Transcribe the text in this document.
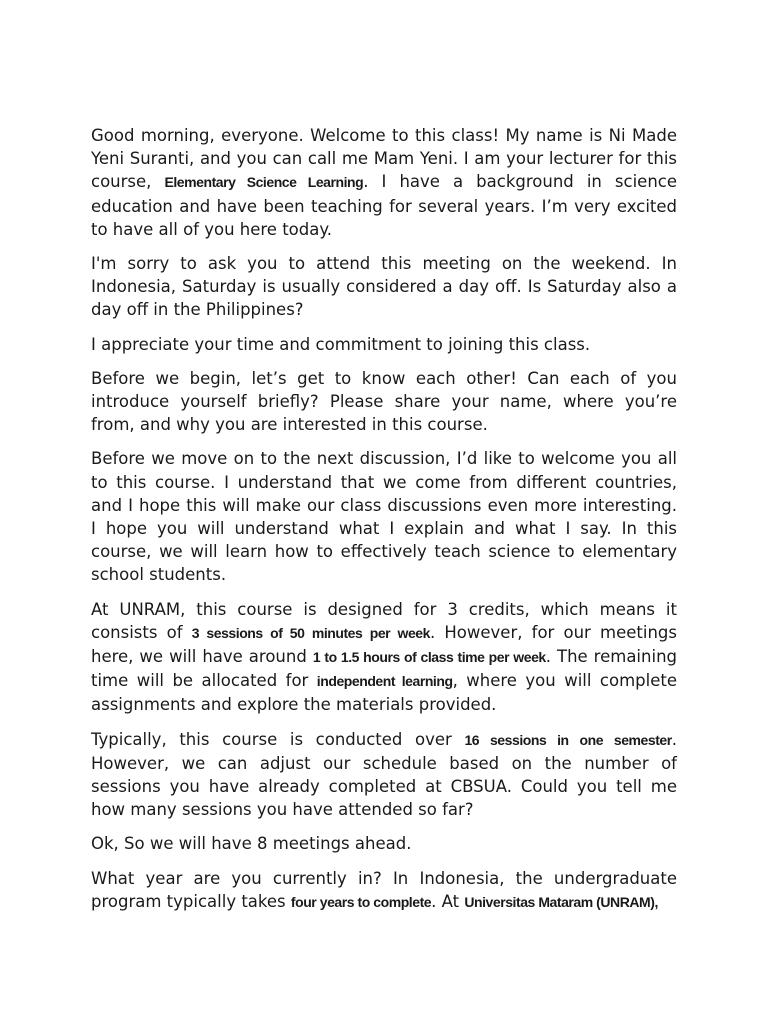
Good morning, everyone. Welcome to this class! My name is Ni Made Yeni Suranti, and you can call me Mam Yeni. I am your lecturer for this course, Elementary Science Learning. I have a background in science education and have been teaching for several years. I’m very excited to have all of you here today.

I'm sorry to ask you to attend this meeting on the weekend. In Indonesia, Saturday is usually considered a day off. Is Saturday also a day off in the Philippines?

I appreciate your time and commitment to joining this class.

Before we begin, let’s get to know each other! Can each of you introduce yourself briefly? Please share your name, where you’re from, and why you are interested in this course.

Before we move on to the next discussion, I’d like to welcome you all to this course. I understand that we come from different countries, and I hope this will make our class discussions even more interesting. I hope you will understand what I explain and what I say. In this course, we will learn how to effectively teach science to elementary school students.

At UNRAM, this course is designed for 3 credits, which means it consists of 3 sessions of 50 minutes per week. However, for our meetings here, we will have around 1 to 1.5 hours of class time per week. The remaining time will be allocated for independent learning, where you will complete assignments and explore the materials provided.

Typically, this course is conducted over 16 sessions in one semester. However, we can adjust our schedule based on the number of sessions you have already completed at CBSUA. Could you tell me how many sessions you have attended so far?

Ok, So we will have 8 meetings ahead.

What year are you currently in? In Indonesia, the undergraduate program typically takes four years to complete. At Universitas Mataram (UNRAM),
